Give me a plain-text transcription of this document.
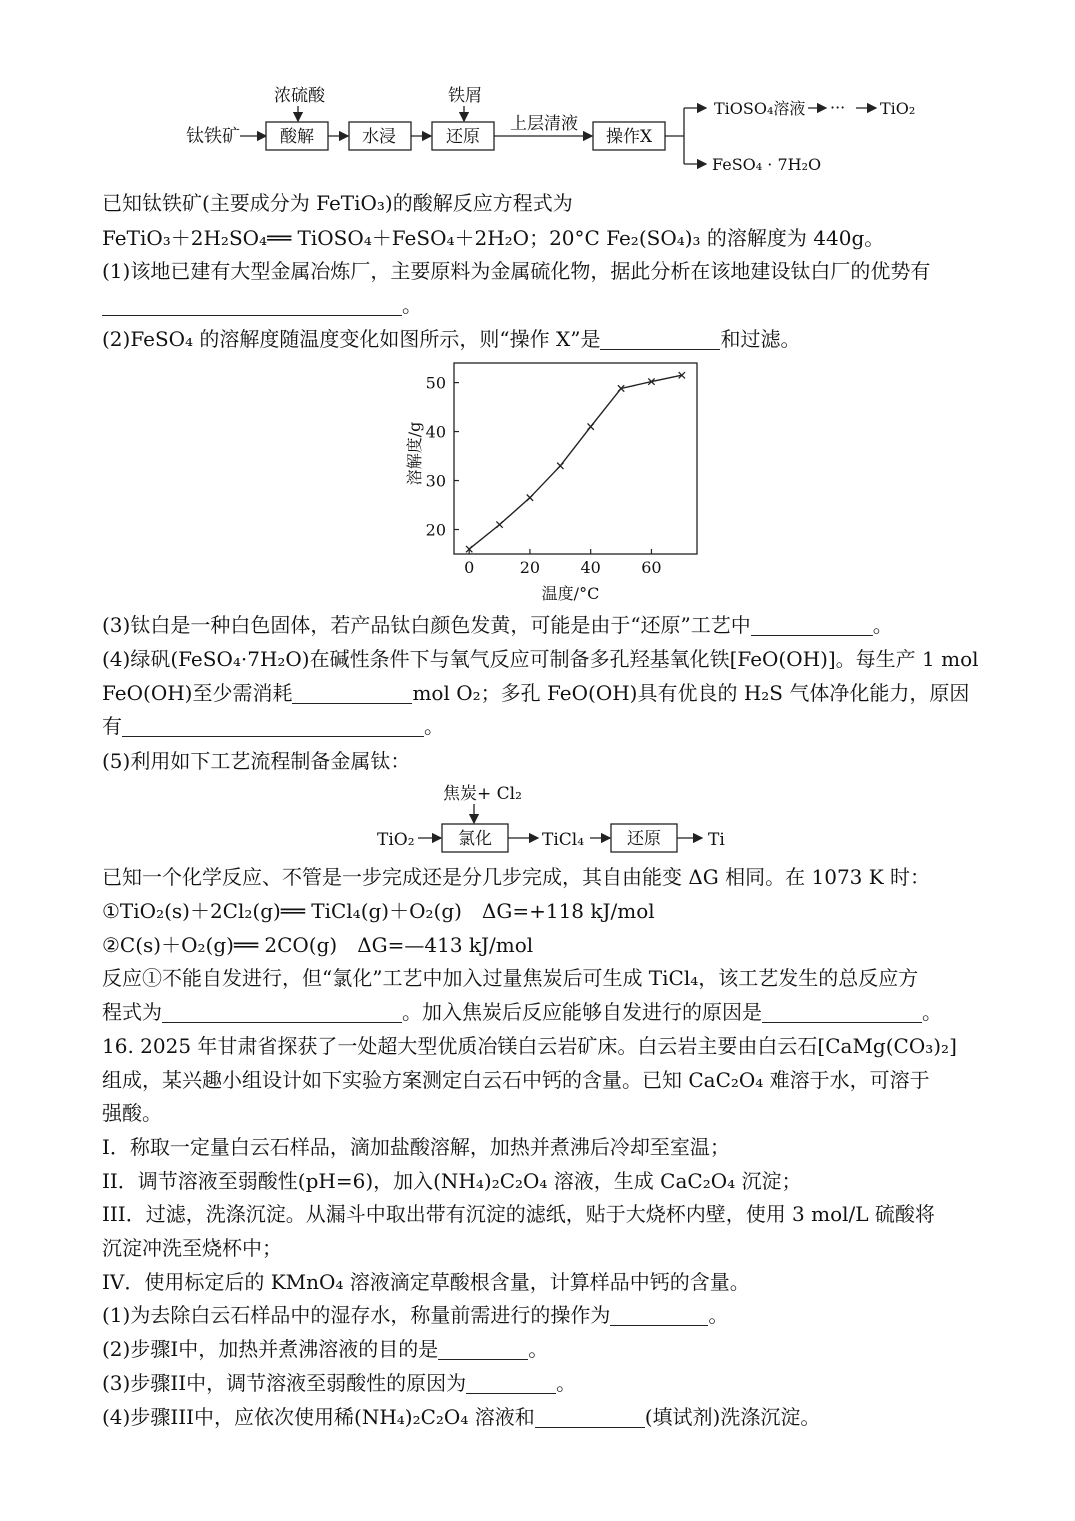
钛铁矿
浓硫酸
酸解	水浸
铁屑
还原
上层清液
操作X
TiOSO₄溶液 ··· TiO₂
FeSO₄ · 7H₂O
已知钛铁矿(主要成分为 FeTiO₃)的酸解反应方程式为
FeTiO₃＋2H₂SO₄══ TiOSO₄＋FeSO₄＋2H₂O；20°C Fe₂(SO₄)₃ 的溶解度为 440g。
(1)该地已建有大型金属冶炼厂，主要原料为金属硫化物，据此分析在该地建设钛白厂的优势有
。
(2)FeSO₄ 的溶解度随温度变化如图所示，则“操作 X”是	和过滤。
0	20	40	60
20
30
40
50
温度/°C
溶解度/g
(3)钛白是一种白色固体，若产品钛白颜色发黄，可能是由于“还原”工艺中	。
(4)绿矾(FeSO₄·7H₂O)在碱性条件下与氧气反应可制备多孔羟基氧化铁[FeO(OH)]。每生产 1 mol
FeO(OH)至少需消耗	mol O₂；多孔 FeO(OH)具有优良的 H₂S 气体净化能力，原因
有	。
(5)利用如下工艺流程制备金属钛：
焦炭+ Cl₂
TiO₂	氯化	TiCl₄	还原	Ti
已知一个化学反应、不管是一步完成还是分几步完成，其自由能变 ΔG 相同。在 1073 K 时：
①TiO₂(s)＋2Cl₂(g)══ TiCl₄(g)＋O₂(g)　ΔG=+118 kJ/mol
②C(s)＋O₂(g)══ 2CO(g)　ΔG=—413 kJ/mol
反应①不能自发进行，但“氯化”工艺中加入过量焦炭后可生成 TiCl₄，该工艺发生的总反应方
程式为	。加入焦炭后反应能够自发进行的原因是	。
16. 2025 年甘肃省探获了一处超大型优质冶镁白云岩矿床。白云岩主要由白云石[CaMg(CO₃)₂]
组成，某兴趣小组设计如下实验方案测定白云石中钙的含量。已知 CaC₂O₄ 难溶于水，可溶于
强酸。
I．称取一定量白云石样品，滴加盐酸溶解，加热并煮沸后冷却至室温；
II．调节溶液至弱酸性(pH=6)，加入(NH₄)₂C₂O₄ 溶液，生成 CaC₂O₄ 沉淀；
III．过滤，洗涤沉淀。从漏斗中取出带有沉淀的滤纸，贴于大烧杯内壁，使用 3 mol/L 硫酸将
沉淀冲洗至烧杯中；
IV．使用标定后的 KMnO₄ 溶液滴定草酸根含量，计算样品中钙的含量。
(1)为去除白云石样品中的湿存水，称量前需进行的操作为	。
(2)步骤I中，加热并煮沸溶液的目的是	。
(3)步骤II中，调节溶液至弱酸性的原因为	。
(4)步骤III中，应依次使用稀(NH₄)₂C₂O₄ 溶液和	(填试剂)洗涤沉淀。
